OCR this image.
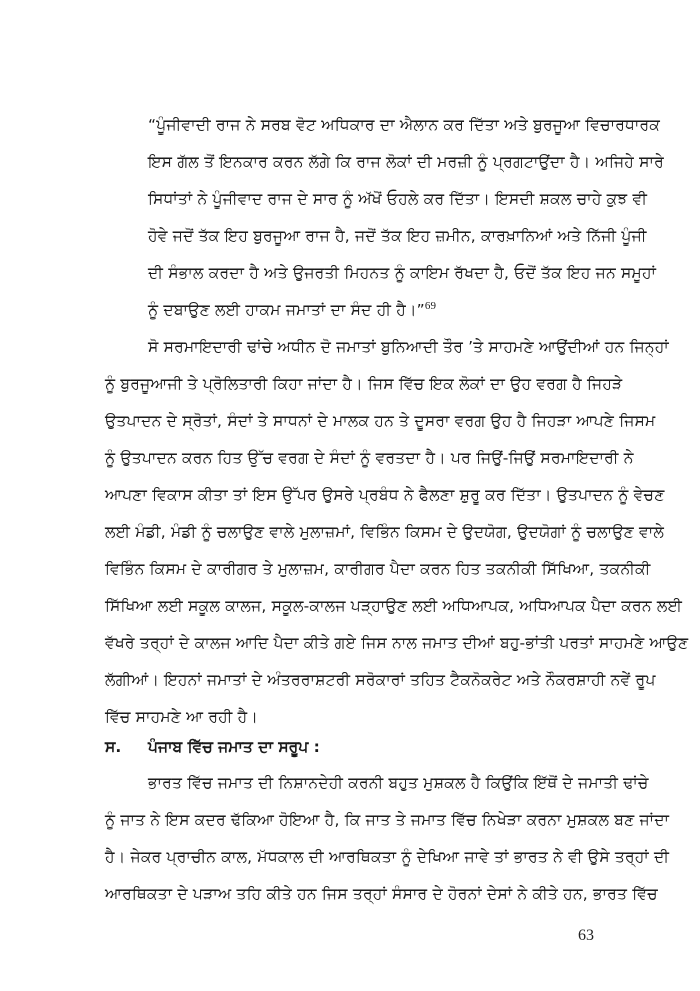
“ਪੂੰਜੀਵਾਦੀ ਰਾਜ ਨੇ ਸਰਬ ਵੋਟ ਅਧਿਕਾਰ ਦਾ ਐਲਾਨ ਕਰ ਦਿੱਤਾ ਅਤੇ ਬੁਰਜੂਆ ਵਿਚਾਰਧਾਰਕ
ਇਸ ਗੱਲ ਤੋਂ ਇਨਕਾਰ ਕਰਨ ਲੱਗੇ ਕਿ ਰਾਜ ਲੋਕਾਂ ਦੀ ਮਰਜ਼ੀ ਨੂੰ ਪ੍ਰਗਟਾਉਂਦਾ ਹੈ। ਅਜਿਹੇ ਸਾਰੇ
ਸਿਧਾਂਤਾਂ ਨੇ ਪੂੰਜੀਵਾਦ ਰਾਜ ਦੇ ਸਾਰ ਨੂੰ ਅੱਖੋਂ ਓਹਲੇ ਕਰ ਦਿੱਤਾ। ਇਸਦੀ ਸ਼ਕਲ ਚਾਹੇ ਕੁਝ ਵੀ
ਹੋਵੇ ਜਦੋਂ ਤੱਕ ਇਹ ਬੁਰਜੂਆ ਰਾਜ ਹੈ, ਜਦੋਂ ਤੱਕ ਇਹ ਜ਼ਮੀਨ, ਕਾਰਖ਼ਾਨਿਆਂ ਅਤੇ ਨਿੱਜੀ ਪੂੰਜੀ
ਦੀ ਸੰਭਾਲ ਕਰਦਾ ਹੈ ਅਤੇ ਉਜਰਤੀ ਮਿਹਨਤ ਨੂੰ ਕਾਇਮ ਰੱਖਦਾ ਹੈ, ਓਦੋਂ ਤੱਕ ਇਹ ਜਨ ਸਮੂਹਾਂ
ਨੂੰ ਦਬਾਉਣ ਲਈ ਹਾਕਮ ਜਮਾਤਾਂ ਦਾ ਸੰਦ ਹੀ ਹੈ।”$^{69}$
ਸੋ ਸਰਮਾਇਦਾਰੀ ਢਾਂਚੇ ਅਧੀਨ ਦੋ ਜਮਾਤਾਂ ਬੁਨਿਆਦੀ ਤੌਰ ’ਤੇ ਸਾਹਮਣੇ ਆਉਂਦੀਆਂ ਹਨ ਜਿਨ੍ਹਾਂ
ਨੂੰ ਬੁਰਜੂਆਜੀ ਤੇ ਪ੍ਰੋਲਿਤਾਰੀ ਕਿਹਾ ਜਾਂਦਾ ਹੈ। ਜਿਸ ਵਿੱਚ ਇਕ ਲੋਕਾਂ ਦਾ ਉਹ ਵਰਗ ਹੈ ਜਿਹੜੇ
ਉਤਪਾਦਨ ਦੇ ਸ੍ਰੋਤਾਂ, ਸੰਦਾਂ ਤੇ ਸਾਧਨਾਂ ਦੇ ਮਾਲਕ ਹਨ ਤੇ ਦੂਸਰਾ ਵਰਗ ਉਹ ਹੈ ਜਿਹੜਾ ਆਪਣੇ ਜਿਸਮ
ਨੂੰ ਉਤਪਾਦਨ ਕਰਨ ਹਿਤ ਉੱਚ ਵਰਗ ਦੇ ਸੰਦਾਂ ਨੂੰ ਵਰਤਦਾ ਹੈ। ਪਰ ਜਿਉਂ-ਜਿਉਂ ਸਰਮਾਇਦਾਰੀ ਨੇ
ਆਪਣਾ ਵਿਕਾਸ ਕੀਤਾ ਤਾਂ ਇਸ ਉੱਪਰ ਉਸਰੇ ਪ੍ਰਬੰਧ ਨੇ ਫੈਲਣਾ ਸ਼ੁਰੂ ਕਰ ਦਿੱਤਾ। ਉਤਪਾਦਨ ਨੂੰ ਵੇਚਣ
ਲਈ ਮੰਡੀ, ਮੰਡੀ ਨੂੰ ਚਲਾਉਣ ਵਾਲੇ ਮੁਲਾਜ਼ਮਾਂ, ਵਿਭਿੰਨ ਕਿਸਮ ਦੇ ਉਦਯੋਗ, ਉਦਯੋਗਾਂ ਨੂੰ ਚਲਾਉਣ ਵਾਲੇ
ਵਿਭਿੰਨ ਕਿਸਮ ਦੇ ਕਾਰੀਗਰ ਤੇ ਮੁਲਾਜ਼ਮ, ਕਾਰੀਗਰ ਪੈਦਾ ਕਰਨ ਹਿਤ ਤਕਨੀਕੀ ਸਿੱਖਿਆ, ਤਕਨੀਕੀ
ਸਿੱਖਿਆ ਲਈ ਸਕੂਲ ਕਾਲਜ, ਸਕੂਲ-ਕਾਲਜ ਪੜ੍ਹਾਉਣ ਲਈ ਅਧਿਆਪਕ, ਅਧਿਆਪਕ ਪੈਦਾ ਕਰਨ ਲਈ
ਵੱਖਰੇ ਤਰ੍ਹਾਂ ਦੇ ਕਾਲਜ ਆਦਿ ਪੈਦਾ ਕੀਤੇ ਗਏ ਜਿਸ ਨਾਲ ਜਮਾਤ ਦੀਆਂ ਬਹੁ-ਭਾਂਤੀ ਪਰਤਾਂ ਸਾਹਮਣੇ ਆਉਣ
ਲੱਗੀਆਂ। ਇਹਨਾਂ ਜਮਾਤਾਂ ਦੇ ਅੰਤਰਰਾਸ਼ਟਰੀ ਸਰੋਕਾਰਾਂ ਤਹਿਤ ਟੈਕਨੋਕਰੇਟ ਅਤੇ ਨੌਕਰਸ਼ਾਹੀ ਨਵੇਂ ਰੂਪ
ਵਿੱਚ ਸਾਹਮਣੇ ਆ ਰਹੀ ਹੈ।
ਸ. ਪੰਜਾਬ ਵਿੱਚ ਜਮਾਤ ਦਾ ਸਰੂਪ :
ਭਾਰਤ ਵਿੱਚ ਜਮਾਤ ਦੀ ਨਿਸ਼ਾਨਦੇਹੀ ਕਰਨੀ ਬਹੁਤ ਮੁਸ਼ਕਲ ਹੈ ਕਿਉਂਕਿ ਇੱਥੋਂ ਦੇ ਜਮਾਤੀ ਢਾਂਚੇ
ਨੂੰ ਜਾਤ ਨੇ ਇਸ ਕਦਰ ਢੱਕਿਆ ਹੋਇਆ ਹੈ, ਕਿ ਜਾਤ ਤੇ ਜਮਾਤ ਵਿੱਚ ਨਿਖੇੜਾ ਕਰਨਾ ਮੁਸ਼ਕਲ ਬਣ ਜਾਂਦਾ
ਹੈ। ਜੇਕਰ ਪ੍ਰਾਚੀਨ ਕਾਲ, ਮੱਧਕਾਲ ਦੀ ਆਰਥਿਕਤਾ ਨੂੰ ਦੇਖਿਆ ਜਾਵੇ ਤਾਂ ਭਾਰਤ ਨੇ ਵੀ ਉਸੇ ਤਰ੍ਹਾਂ ਦੀ
ਆਰਥਿਕਤਾ ਦੇ ਪੜਾਅ ਤਹਿ ਕੀਤੇ ਹਨ ਜਿਸ ਤਰ੍ਹਾਂ ਸੰਸਾਰ ਦੇ ਹੋਰਨਾਂ ਦੇਸਾਂ ਨੇ ਕੀਤੇ ਹਨ, ਭਾਰਤ ਵਿੱਚ
63
